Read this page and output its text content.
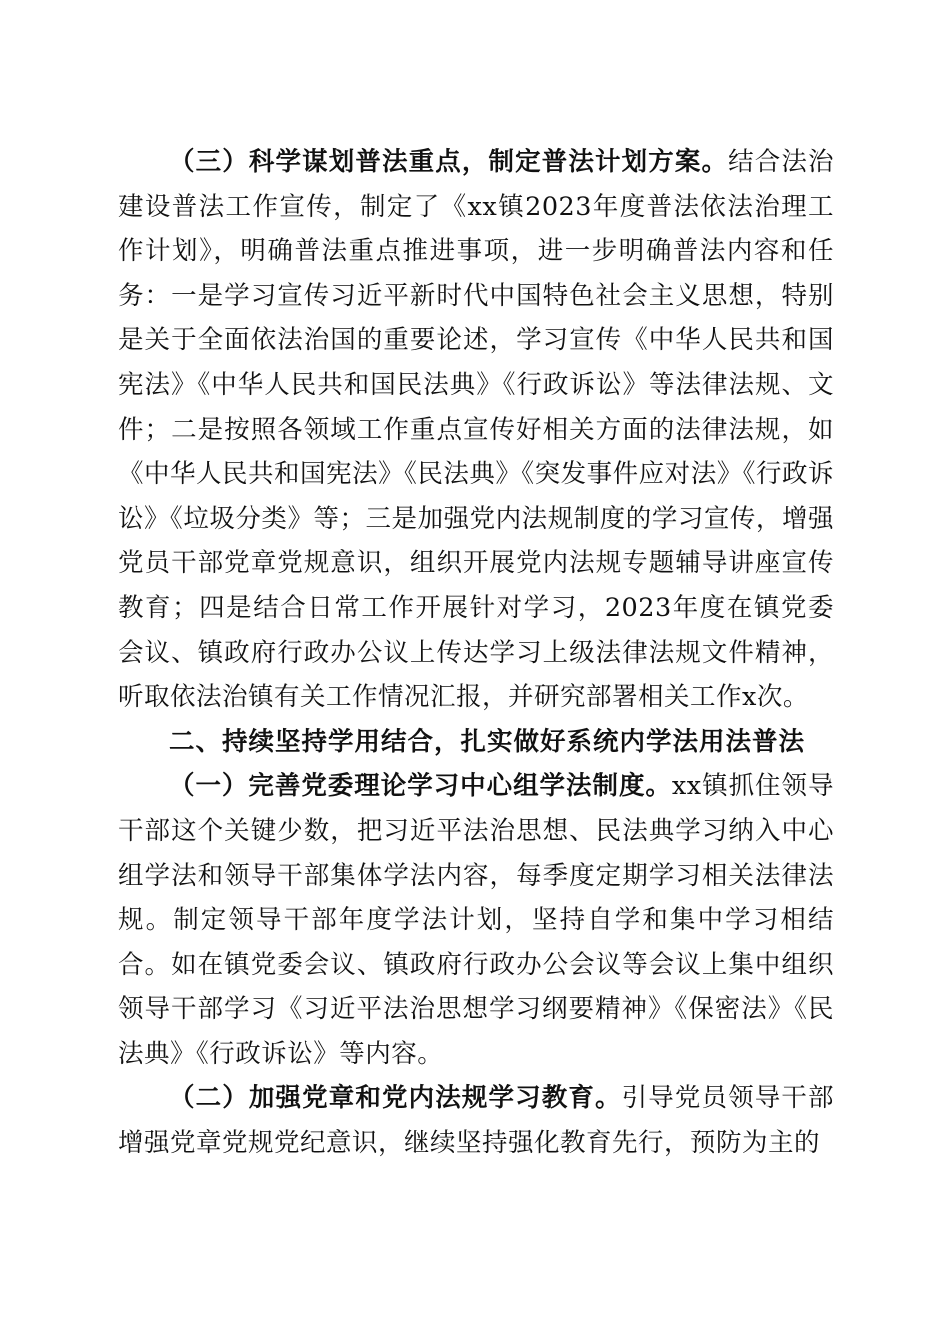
（三）科学谋划普法重点，制定普法计划方案。结合法治建设普法工作宣传，制定了《xx镇2023年度普法依法治理工作计划》，明确普法重点推进事项，进一步明确普法内容和任务：一是学习宣传习近平新时代中国特色社会主义思想，特别是关于全面依法治国的重要论述，学习宣传《中华人民共和国宪法》《中华人民共和国民法典》《行政诉讼》等法律法规、文件；二是按照各领域工作重点宣传好相关方面的法律法规，如《中华人民共和国宪法》《民法典》《突发事件应对法》《行政诉讼》《垃圾分类》等；三是加强党内法规制度的学习宣传，增强党员干部党章党规意识，组织开展党内法规专题辅导讲座宣传教育；四是结合日常工作开展针对学习，2023年度在镇党委会议、镇政府行政办公议上传达学习上级法律法规文件精神，听取依法治镇有关工作情况汇报，并研究部署相关工作x次。

二、持续坚持学用结合，扎实做好系统内学法用法普法

（一）完善党委理论学习中心组学法制度。xx镇抓住领导干部这个关键少数，把习近平法治思想、民法典学习纳入中心组学法和领导干部集体学法内容，每季度定期学习相关法律法规。制定领导干部年度学法计划，坚持自学和集中学习相结合。如在镇党委会议、镇政府行政办公会议等会议上集中组织领导干部学习《习近平法治思想学习纲要精神》《保密法》《民法典》《行政诉讼》等内容。

（二）加强党章和党内法规学习教育。引导党员领导干部增强党章党规党纪意识，继续坚持强化教育先行，预防为主的
